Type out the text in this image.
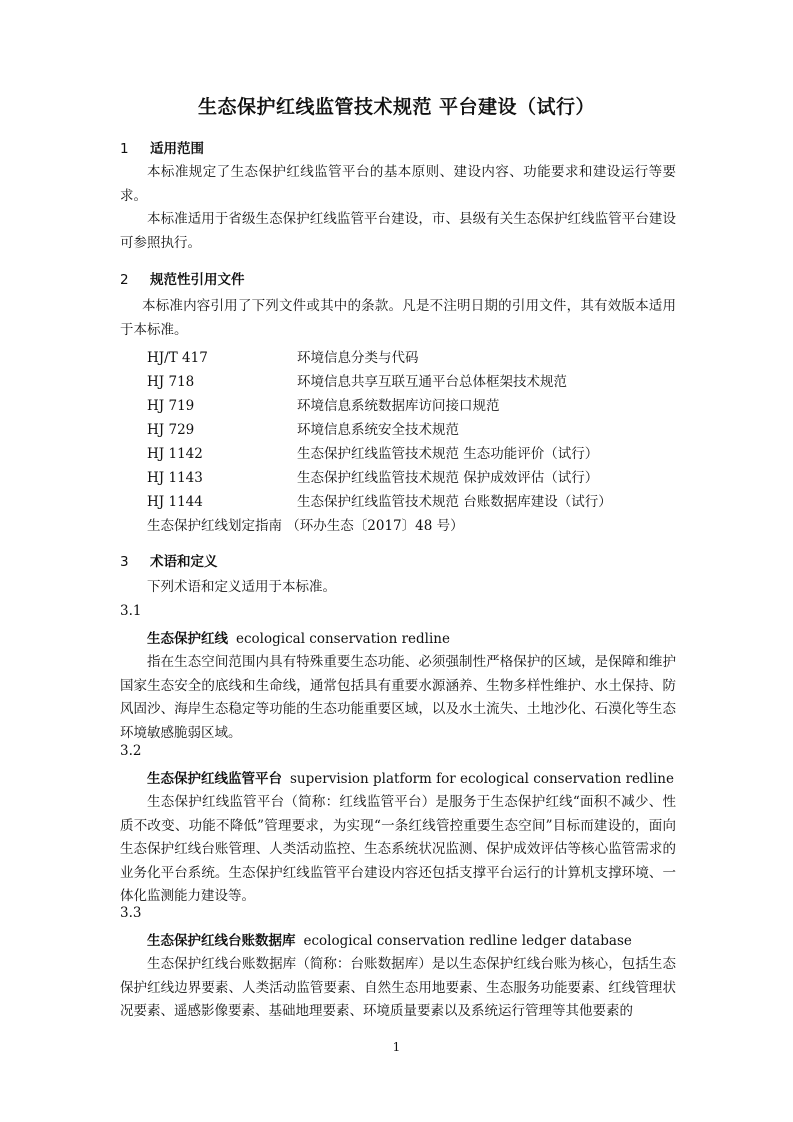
生态保护红线监管技术规范 平台建设（试行）
1 适用范围
本标准规定了生态保护红线监管平台的基本原则、建设内容、功能要求和建设运行等要求。
本标准适用于省级生态保护红线监管平台建设，市、县级有关生态保护红线监管平台建设可参照执行。
2 规范性引用文件
本标准内容引用了下列文件或其中的条款。凡是不注明日期的引用文件，其有效版本适用于本标准。
HJ/T 417	环境信息分类与代码
HJ 718	环境信息共享互联互通平台总体框架技术规范
HJ 719	环境信息系统数据库访问接口规范
HJ 729	环境信息系统安全技术规范
HJ 1142	生态保护红线监管技术规范 生态功能评价（试行）
HJ 1143	生态保护红线监管技术规范 保护成效评估（试行）
HJ 1144	生态保护红线监管技术规范 台账数据库建设（试行）
生态保护红线划定指南 （环办生态〔2017〕48 号）
3 术语和定义
下列术语和定义适用于本标准。
3.1
生态保护红线 ecological conservation redline
指在生态空间范围内具有特殊重要生态功能、必须强制性严格保护的区域，是保障和维护国家生态安全的底线和生命线，通常包括具有重要水源涵养、生物多样性维护、水土保持、防风固沙、海岸生态稳定等功能的生态功能重要区域，以及水土流失、土地沙化、石漠化等生态环境敏感脆弱区域。
3.2
生态保护红线监管平台 supervision platform for ecological conservation redline
生态保护红线监管平台（简称：红线监管平台）是服务于生态保护红线“面积不减少、性质不改变、功能不降低”管理要求，为实现“一条红线管控重要生态空间”目标而建设的，面向生态保护红线台账管理、人类活动监控、生态系统状况监测、保护成效评估等核心监管需求的业务化平台系统。生态保护红线监管平台建设内容还包括支撑平台运行的计算机支撑环境、一体化监测能力建设等。
3.3
生态保护红线台账数据库 ecological conservation redline ledger database
生态保护红线台账数据库（简称：台账数据库）是以生态保护红线台账为核心，包括生态保护红线边界要素、人类活动监管要素、自然生态用地要素、生态服务功能要素、红线管理状况要素、遥感影像要素、基础地理要素、环境质量要素以及系统运行管理等其他要素的
1
